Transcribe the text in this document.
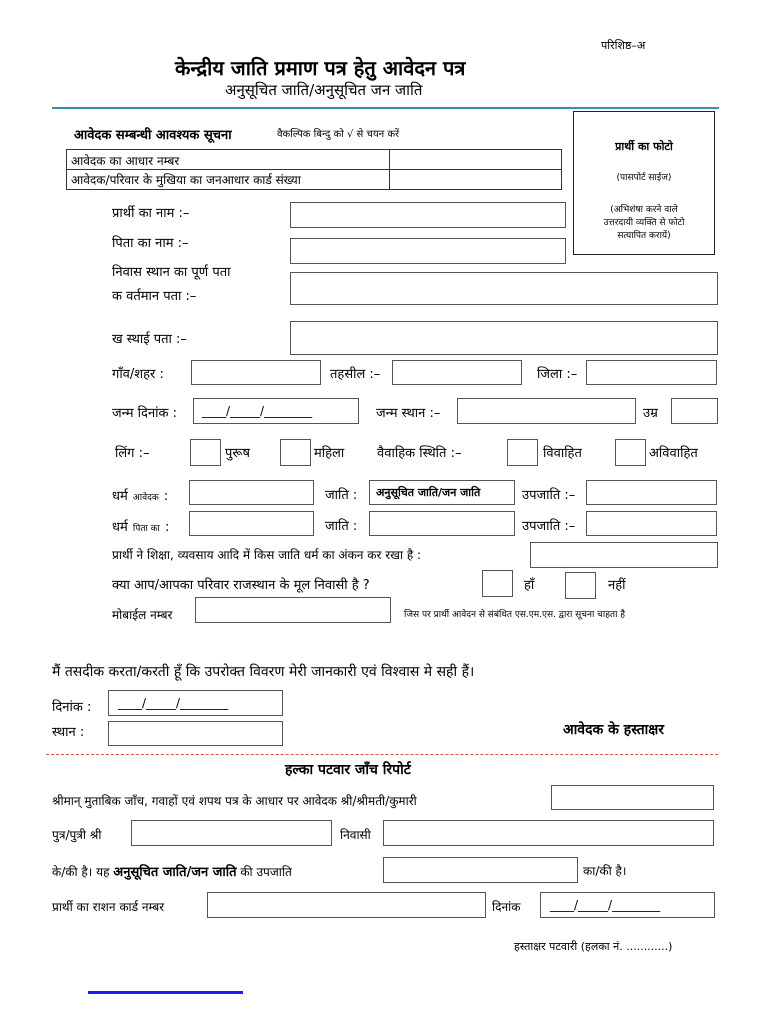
परिशिष्ठ–अ
केन्द्रीय जाति प्रमाण पत्र हेतु आवेदन पत्र
अनुसूचित जाति/अनुसूचित जन जाति
आवेदक सम्बन्धी आवश्यक सूचना	वैकल्पिक बिन्दु को √ से चयन करें
आवेदक का आधार नम्बर
आवेदक/परिवार के मुखिया का जनआधार कार्ड संख्या
प्रार्थी का फोटो
(पासपोर्ट साईज)
(अभिशंषा करने वाले
उत्तरदायी व्यक्ति से फोटो
सत्यापित करायें)
प्रार्थी का नाम :–
पिता का नाम :–
निवास स्थान का पूर्ण पता
क वर्तमान पता :–
ख स्थाई पता :–
गाँव/शहर :	तहसील :–	जिला :–
जन्म दिनांक :	____/_____/________	जन्म स्थान :–	उम्र
लिंग :–	पुरूष	महिला	वैवाहिक स्थिति :–	विवाहित	अविवाहित
धर्म आवेदक :	जाति :	अनुसूचित जाति/जन जाति	उपजाति :–
धर्म पिता का :	जाति :	उपजाति :–
प्रार्थी ने शिक्षा, व्यवसाय आदि में किस जाति धर्म का अंकन कर रखा है :
क्या आप/आपका परिवार राजस्थान के मूल निवासी है ?	हाँ	नहीं
मोबाईल नम्बर	जिस पर प्रार्थी आवेदन से संबंधित एस.एम.एस. द्वारा सूचना चाहता है
मैं तसदीक करता/करती हूँ कि उपरोक्त विवरण मेरी जानकारी एवं विश्वास मे सही हैं।
दिनांक :	____/_____/________
स्थान :	आवेदक के हस्ताक्षर
हल्का पटवार जाँच रिपोर्ट
श्रीमान् मुताबिक जाँच, गवाहों एवं शपथ पत्र के आधार पर आवेदक श्री/श्रीमती/कुमारी
पुत्र/पुत्री श्री	निवासी
के/की है। यह अनुसूचित जाति/जन जाति की उपजाति	का/की है।
प्रार्थी का राशन कार्ड नम्बर	दिनांक	____/_____/________
हस्ताक्षर पटवारी (हलका नं. ............)
